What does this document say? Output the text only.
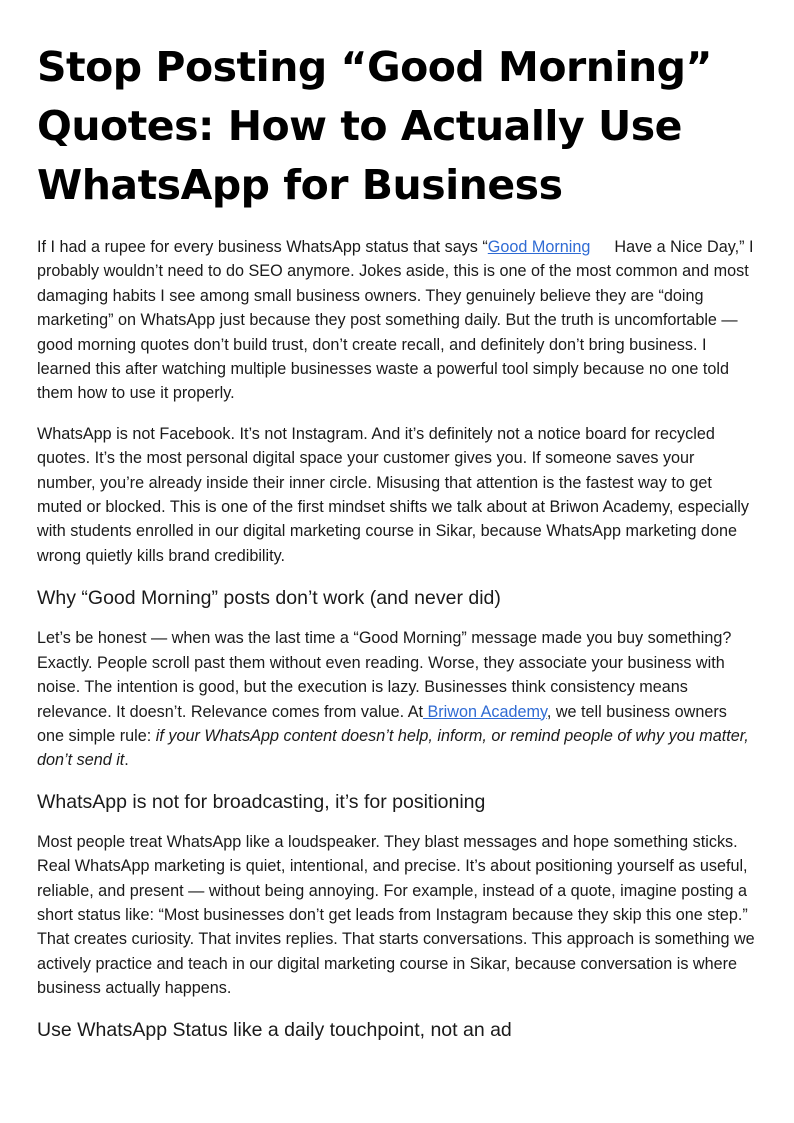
Stop Posting “Good Morning” Quotes: How to Actually Use WhatsApp for Business

If I had a rupee for every business WhatsApp status that says “Good Morning Have a Nice Day,” I probably wouldn’t need to do SEO anymore. Jokes aside, this is one of the most common and most damaging habits I see among small business owners. They genuinely believe they are “doing marketing” on WhatsApp just because they post something daily. But the truth is uncomfortable — good morning quotes don’t build trust, don’t create recall, and definitely don’t bring business. I learned this after watching multiple businesses waste a powerful tool simply because no one told them how to use it properly.

WhatsApp is not Facebook. It’s not Instagram. And it’s definitely not a notice board for recycled quotes. It’s the most personal digital space your customer gives you. If someone saves your number, you’re already inside their inner circle. Misusing that attention is the fastest way to get muted or blocked. This is one of the first mindset shifts we talk about at Briwon Academy, especially with students enrolled in our digital marketing course in Sikar, because WhatsApp marketing done wrong quietly kills brand credibility.

Why “Good Morning” posts don’t work (and never did)

Let’s be honest — when was the last time a “Good Morning” message made you buy something? Exactly. People scroll past them without even reading. Worse, they associate your business with noise. The intention is good, but the execution is lazy. Businesses think consistency means relevance. It doesn’t. Relevance comes from value. At Briwon Academy, we tell business owners one simple rule: if your WhatsApp content doesn’t help, inform, or remind people of why you matter, don’t send it.

WhatsApp is not for broadcasting, it’s for positioning

Most people treat WhatsApp like a loudspeaker. They blast messages and hope something sticks. Real WhatsApp marketing is quiet, intentional, and precise. It’s about positioning yourself as useful, reliable, and present — without being annoying. For example, instead of a quote, imagine posting a short status like: “Most businesses don’t get leads from Instagram because they skip this one step.” That creates curiosity. That invites replies. That starts conversations. This approach is something we actively practice and teach in our digital marketing course in Sikar, because conversation is where business actually happens.

Use WhatsApp Status like a daily touchpoint, not an ad
